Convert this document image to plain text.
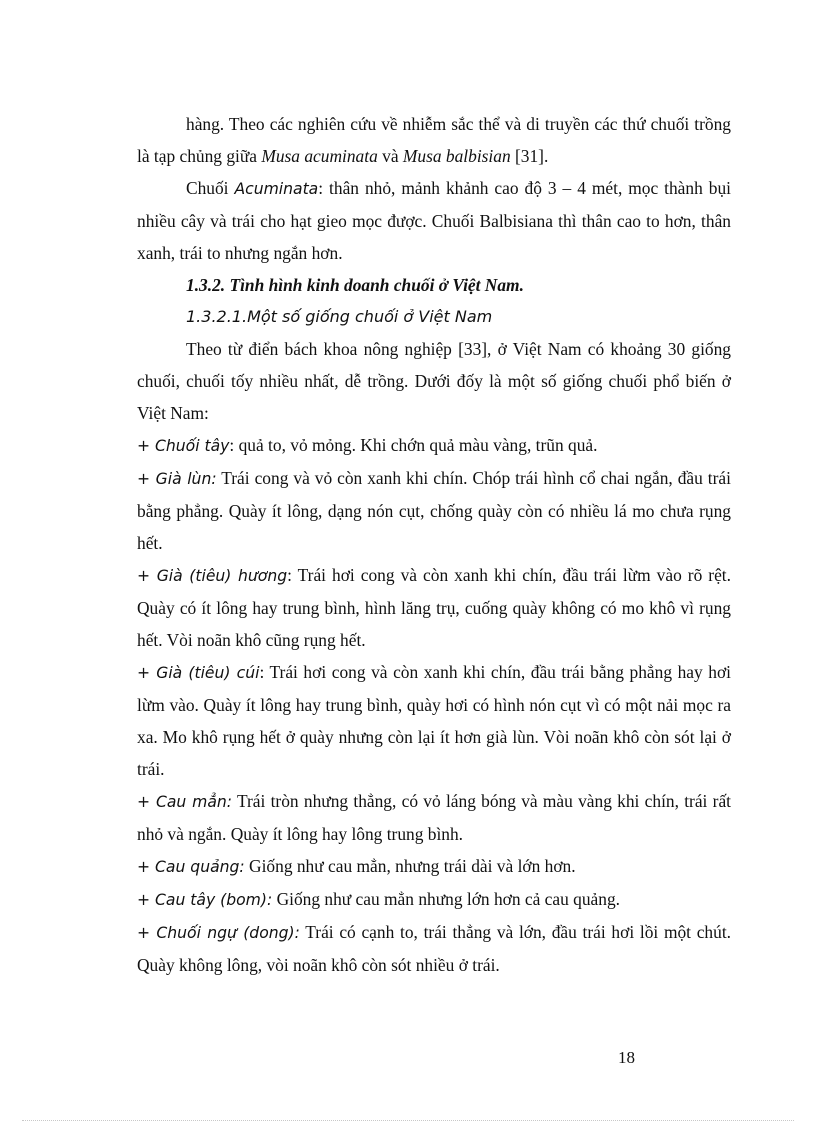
hàng. Theo các nghiên cứu về nhiễm sắc thể và di truyền các thứ chuối trồng là tạp chủng giữa Musa acuminata và Musa balbisian [31].

Chuối Acuminata: thân nhỏ, mảnh khảnh cao độ 3 – 4 mét, mọc thành bụi nhiều cây và trái cho hạt gieo mọc được. Chuối Balbisiana thì thân cao to hơn, thân xanh, trái to nhưng ngắn hơn.

1.3.2. Tình hình kinh doanh chuối ở Việt Nam.

1.3.2.1.Một số giống chuối ở Việt Nam

Theo từ điển bách khoa nông nghiệp [33], ở Việt Nam có khoảng 30 giống chuối, chuối tốy nhiều nhất, dễ trồng. Dưới đốy là một số giống chuối phổ biến ở Việt Nam:

+ Chuối tây: quả to, vỏ mỏng. Khi chớn quả màu vàng, trũn quả.

+ Già lùn: Trái cong và vỏ còn xanh khi chín. Chóp trái hình cổ chai ngắn, đầu trái bằng phẳng. Quày ít lông, dạng nón cụt, chống quày còn có nhiều lá mo chưa rụng hết.

+ Già (tiêu) hương: Trái hơi cong và còn xanh khi chín, đầu trái lừm vào rõ rệt. Quày có ít lông hay trung bình, hình lăng trụ, cuống quày không có mo khô vì rụng hết. Vòi noãn khô cũng rụng hết.

+ Già (tiêu) cúi: Trái hơi cong và còn xanh khi chín, đầu trái bằng phẳng hay hơi lừm vào. Quày ít lông hay trung bình, quày hơi có hình nón cụt vì có một nải mọc ra xa. Mo khô rụng hết ở quày nhưng còn lại ít hơn già lùn. Vòi noãn khô còn sót lại ở trái.

+ Cau mẳn: Trái tròn nhưng thẳng, có vỏ láng bóng và màu vàng khi chín, trái rất nhỏ và ngắn. Quày ít lông hay lông trung bình.

+ Cau quảng: Giống như cau mẳn, nhưng trái dài và lớn hơn.

+ Cau tây (bom): Giống như cau mẳn nhưng lớn hơn cả cau quảng.

+ Chuối ngự (dong): Trái có cạnh to, trái thẳng và lớn, đầu trái hơi lồi một chút. Quày không lông, vòi noãn khô còn sót nhiều ở trái.

18
